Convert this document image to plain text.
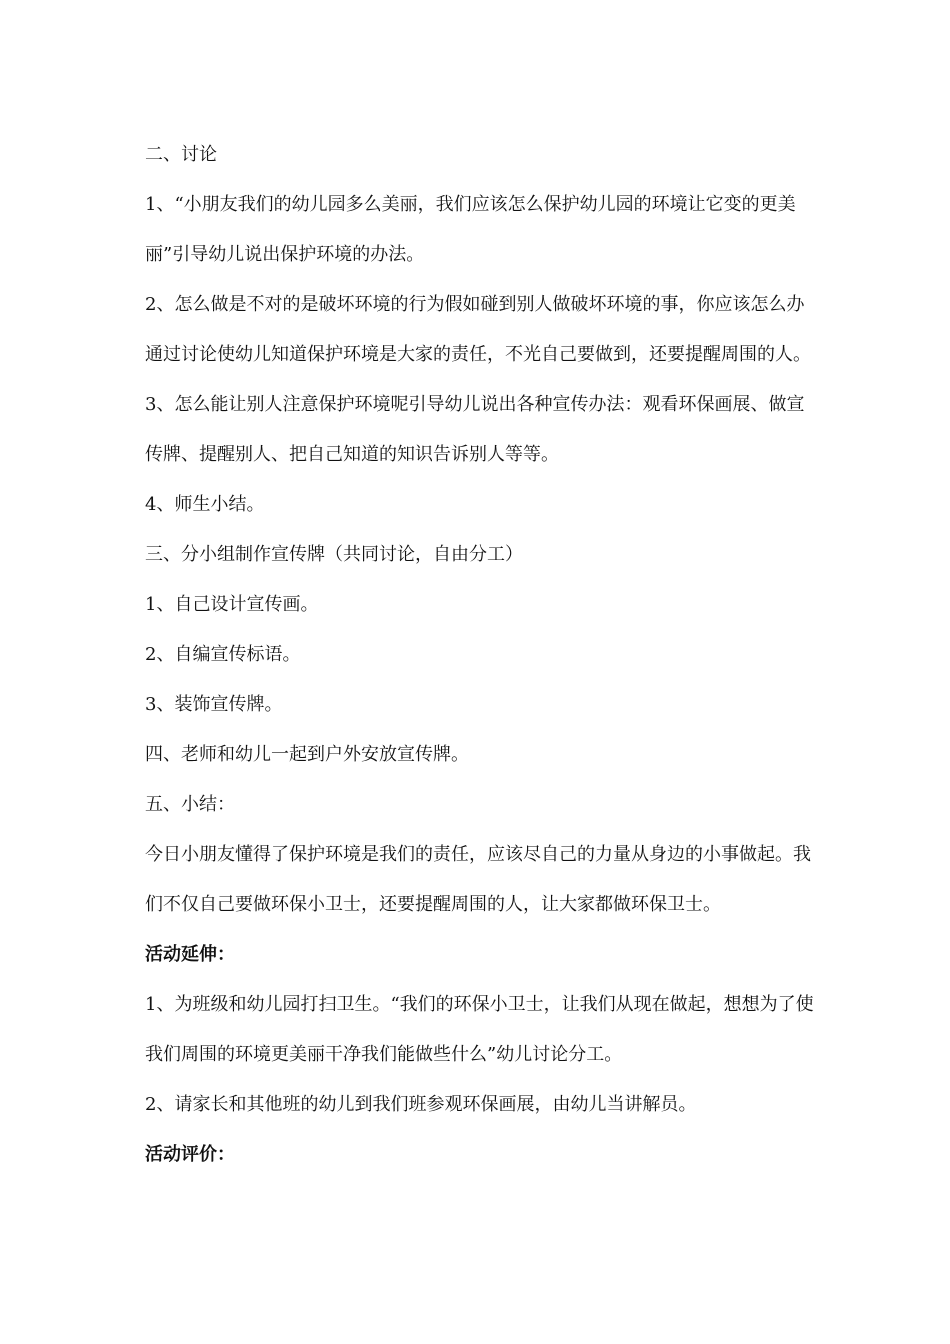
二、讨论

1、“小朋友我们的幼儿园多么美丽，我们应该怎么保护幼儿园的环境让它变的更美丽”引导幼儿说出保护环境的办法。

2、怎么做是不对的是破坏环境的行为假如碰到别人做破坏环境的事，你应该怎么办通过讨论使幼儿知道保护环境是大家的责任，不光自己要做到，还要提醒周围的人。

3、怎么能让别人注意保护环境呢引导幼儿说出各种宣传办法：观看环保画展、做宣传牌、提醒别人、把自己知道的知识告诉别人等等。

4、师生小结。

三、分小组制作宣传牌（共同讨论，自由分工）

1、自己设计宣传画。

2、自编宣传标语。

3、装饰宣传牌。

四、老师和幼儿一起到户外安放宣传牌。

五、小结：

今日小朋友懂得了保护环境是我们的责任，应该尽自己的力量从身边的小事做起。我们不仅自己要做环保小卫士，还要提醒周围的人，让大家都做环保卫士。

活动延伸：

1、为班级和幼儿园打扫卫生。“我们的环保小卫士，让我们从现在做起，想想为了使我们周围的环境更美丽干净我们能做些什么”幼儿讨论分工。

2、请家长和其他班的幼儿到我们班参观环保画展，由幼儿当讲解员。

活动评价：
